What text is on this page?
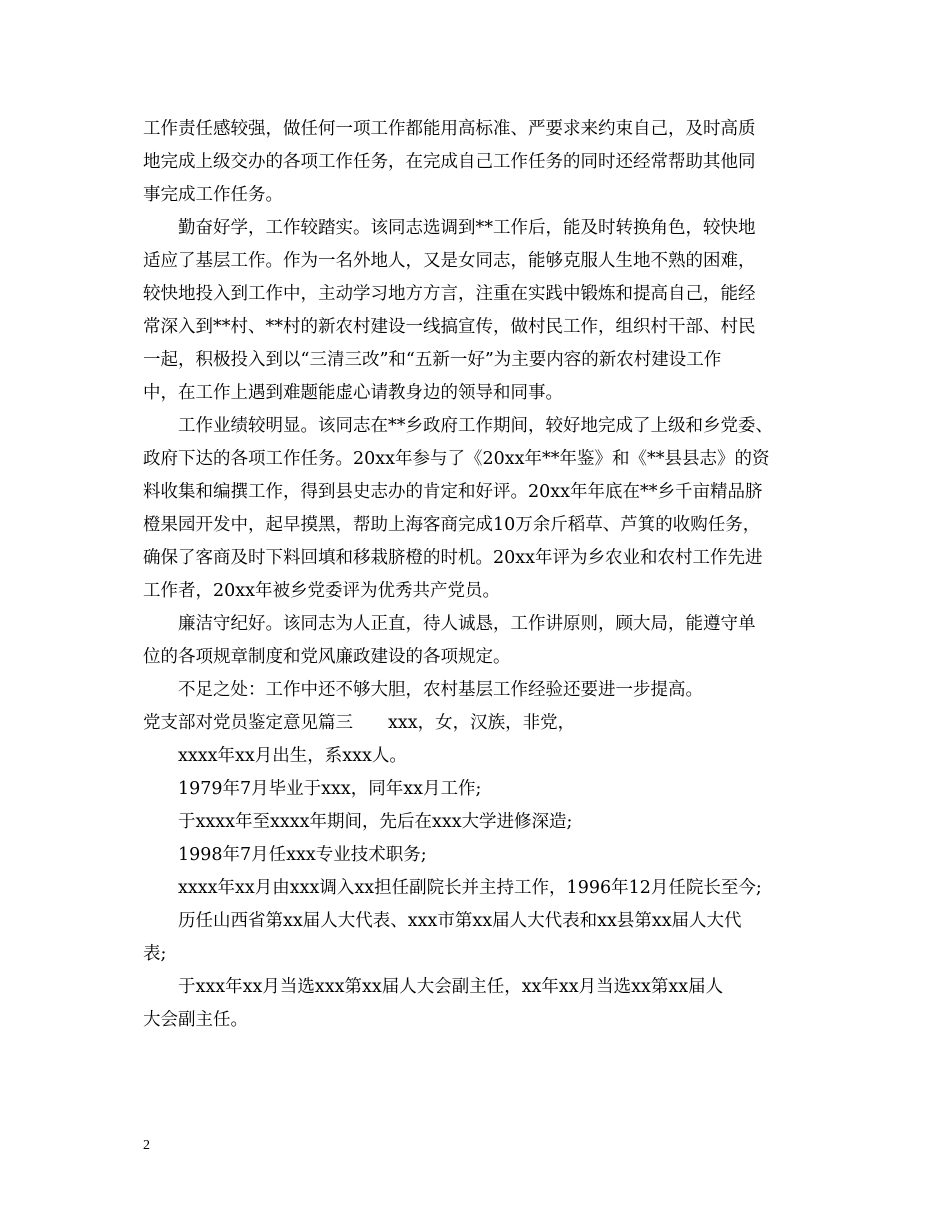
工作责任感较强，做任何一项工作都能用高标准、严要求来约束自己，及时高质
地完成上级交办的各项工作任务，在完成自己工作任务的同时还经常帮助其他同
事完成工作任务。

勤奋好学，工作较踏实。该同志选调到**工作后，能及时转换角色，较快地
适应了基层工作。作为一名外地人，又是女同志，能够克服人生地不熟的困难，
较快地投入到工作中，主动学习地方方言，注重在实践中锻炼和提高自己，能经
常深入到**村、**村的新农村建设一线搞宣传，做村民工作，组织村干部、村民
一起，积极投入到以“三清三改”和“五新一好”为主要内容的新农村建设工作
中，在工作上遇到难题能虚心请教身边的领导和同事。

工作业绩较明显。该同志在**乡政府工作期间，较好地完成了上级和乡党委、
政府下达的各项工作任务。20xx年参与了《20xx年**年鉴》和《**县县志》的资
料收集和编撰工作，得到县史志办的肯定和好评。20xx年年底在**乡千亩精品脐
橙果园开发中，起早摸黑，帮助上海客商完成10万余斤稻草、芦箕的收购任务，
确保了客商及时下料回填和移栽脐橙的时机。20xx年评为乡农业和农村工作先进
工作者，20xx年被乡党委评为优秀共产党员。

廉洁守纪好。该同志为人正直，待人诚恳，工作讲原则，顾大局，能遵守单
位的各项规章制度和党风廉政建设的各项规定。

不足之处：工作中还不够大胆，农村基层工作经验还要进一步提高。

党支部对党员鉴定意见篇三　　xxx，女，汉族，非党，

xxxx年xx月出生，系xxx人。

1979年7月毕业于xxx，同年xx月工作;

于xxxx年至xxxx年期间，先后在xxx大学进修深造;

1998年7月任xxx专业技术职务;

xxxx年xx月由xxx调入xx担任副院长并主持工作，1996年12月任院长至今;

历任山西省第xx届人大代表、xxx市第xx届人大代表和xx县第xx届人大代
表;

于xxx年xx月当选xxx第xx届人大会副主任，xx年xx月当选xx第xx届人
大会副主任。

2
